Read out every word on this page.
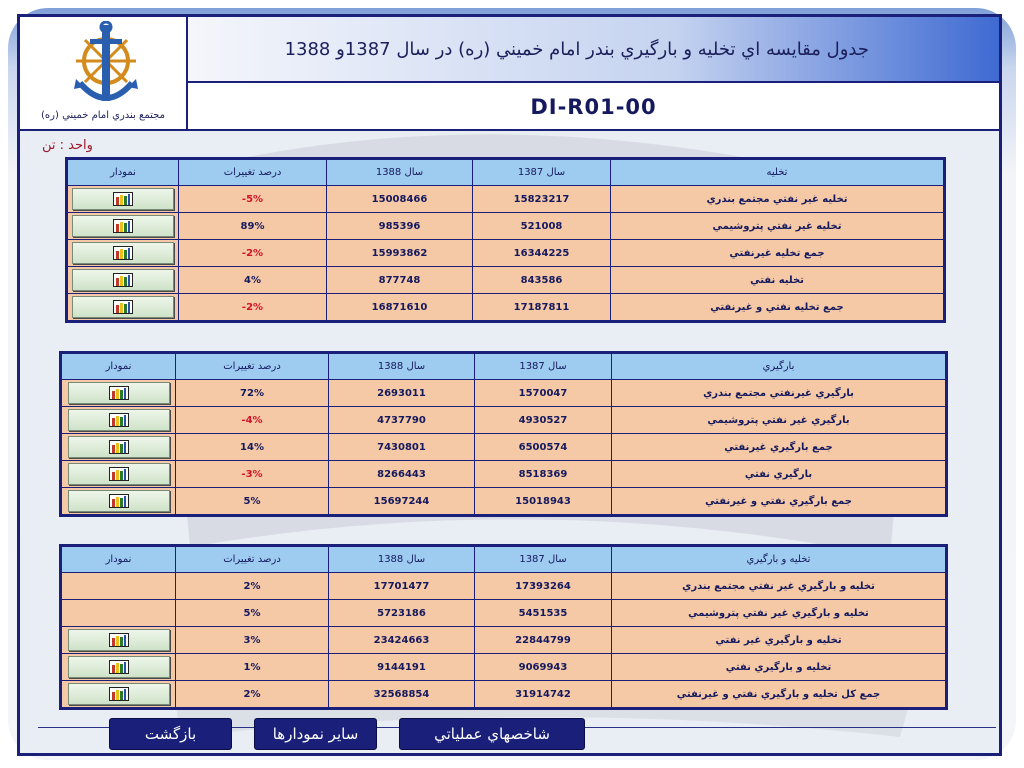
مجتمع بندري امام خميني (ره)
جدول مقايسه اي تخليه و بارگيري بندر امام خميني (ره) در سال 1387و 1388
DI-R01-00
واحد : تن
نمودار	درصد تغييرات	سال 1388	سال 1387	تخليه

	-5%	15008466	15823217	تخليه غير نفتي مجتمع بندري

	89%	985396	521008	تخليه غير نفتي پتروشيمي

	-2%	15993862	16344225	جمع تخليه غيرنفتي

	4%	877748	843586	تخليه نفتي

	-2%	16871610	17187811	جمع تخليه نفتي و غيرنفتي
نمودار	درصد تغييرات	سال 1388	سال 1387	بارگيري

	72%	2693011	1570047	بارگيري غيرنفتي مجتمع بندري

	-4%	4737790	4930527	بارگيري غير نفتي پتروشيمي

	14%	7430801	6500574	جمع بارگيري غيرنفتي

	-3%	8266443	8518369	بارگيري نفتي

	5%	15697244	15018943	جمع بارگيري نفتي و غيرنفتي
نمودار	درصد تغييرات	سال 1388	سال 1387	تخليه و بارگيري
	2%	17701477	17393264	تخليه و بارگيري غير نفتي مجتمع بندري
	5%	5723186	5451535	تخليه و بارگيري غير نفتي پتروشيمي

	3%	23424663	22844799	تخليه و بارگيري غير نفتي

	1%	9144191	9069943	تخليه و بارگيري نفتي

	2%	32568854	31914742	جمع كل تخليه و بارگيري نفتي و غيرنفتي
شاخصهاي عملياتي
ساير نمودارها
بازگشت
